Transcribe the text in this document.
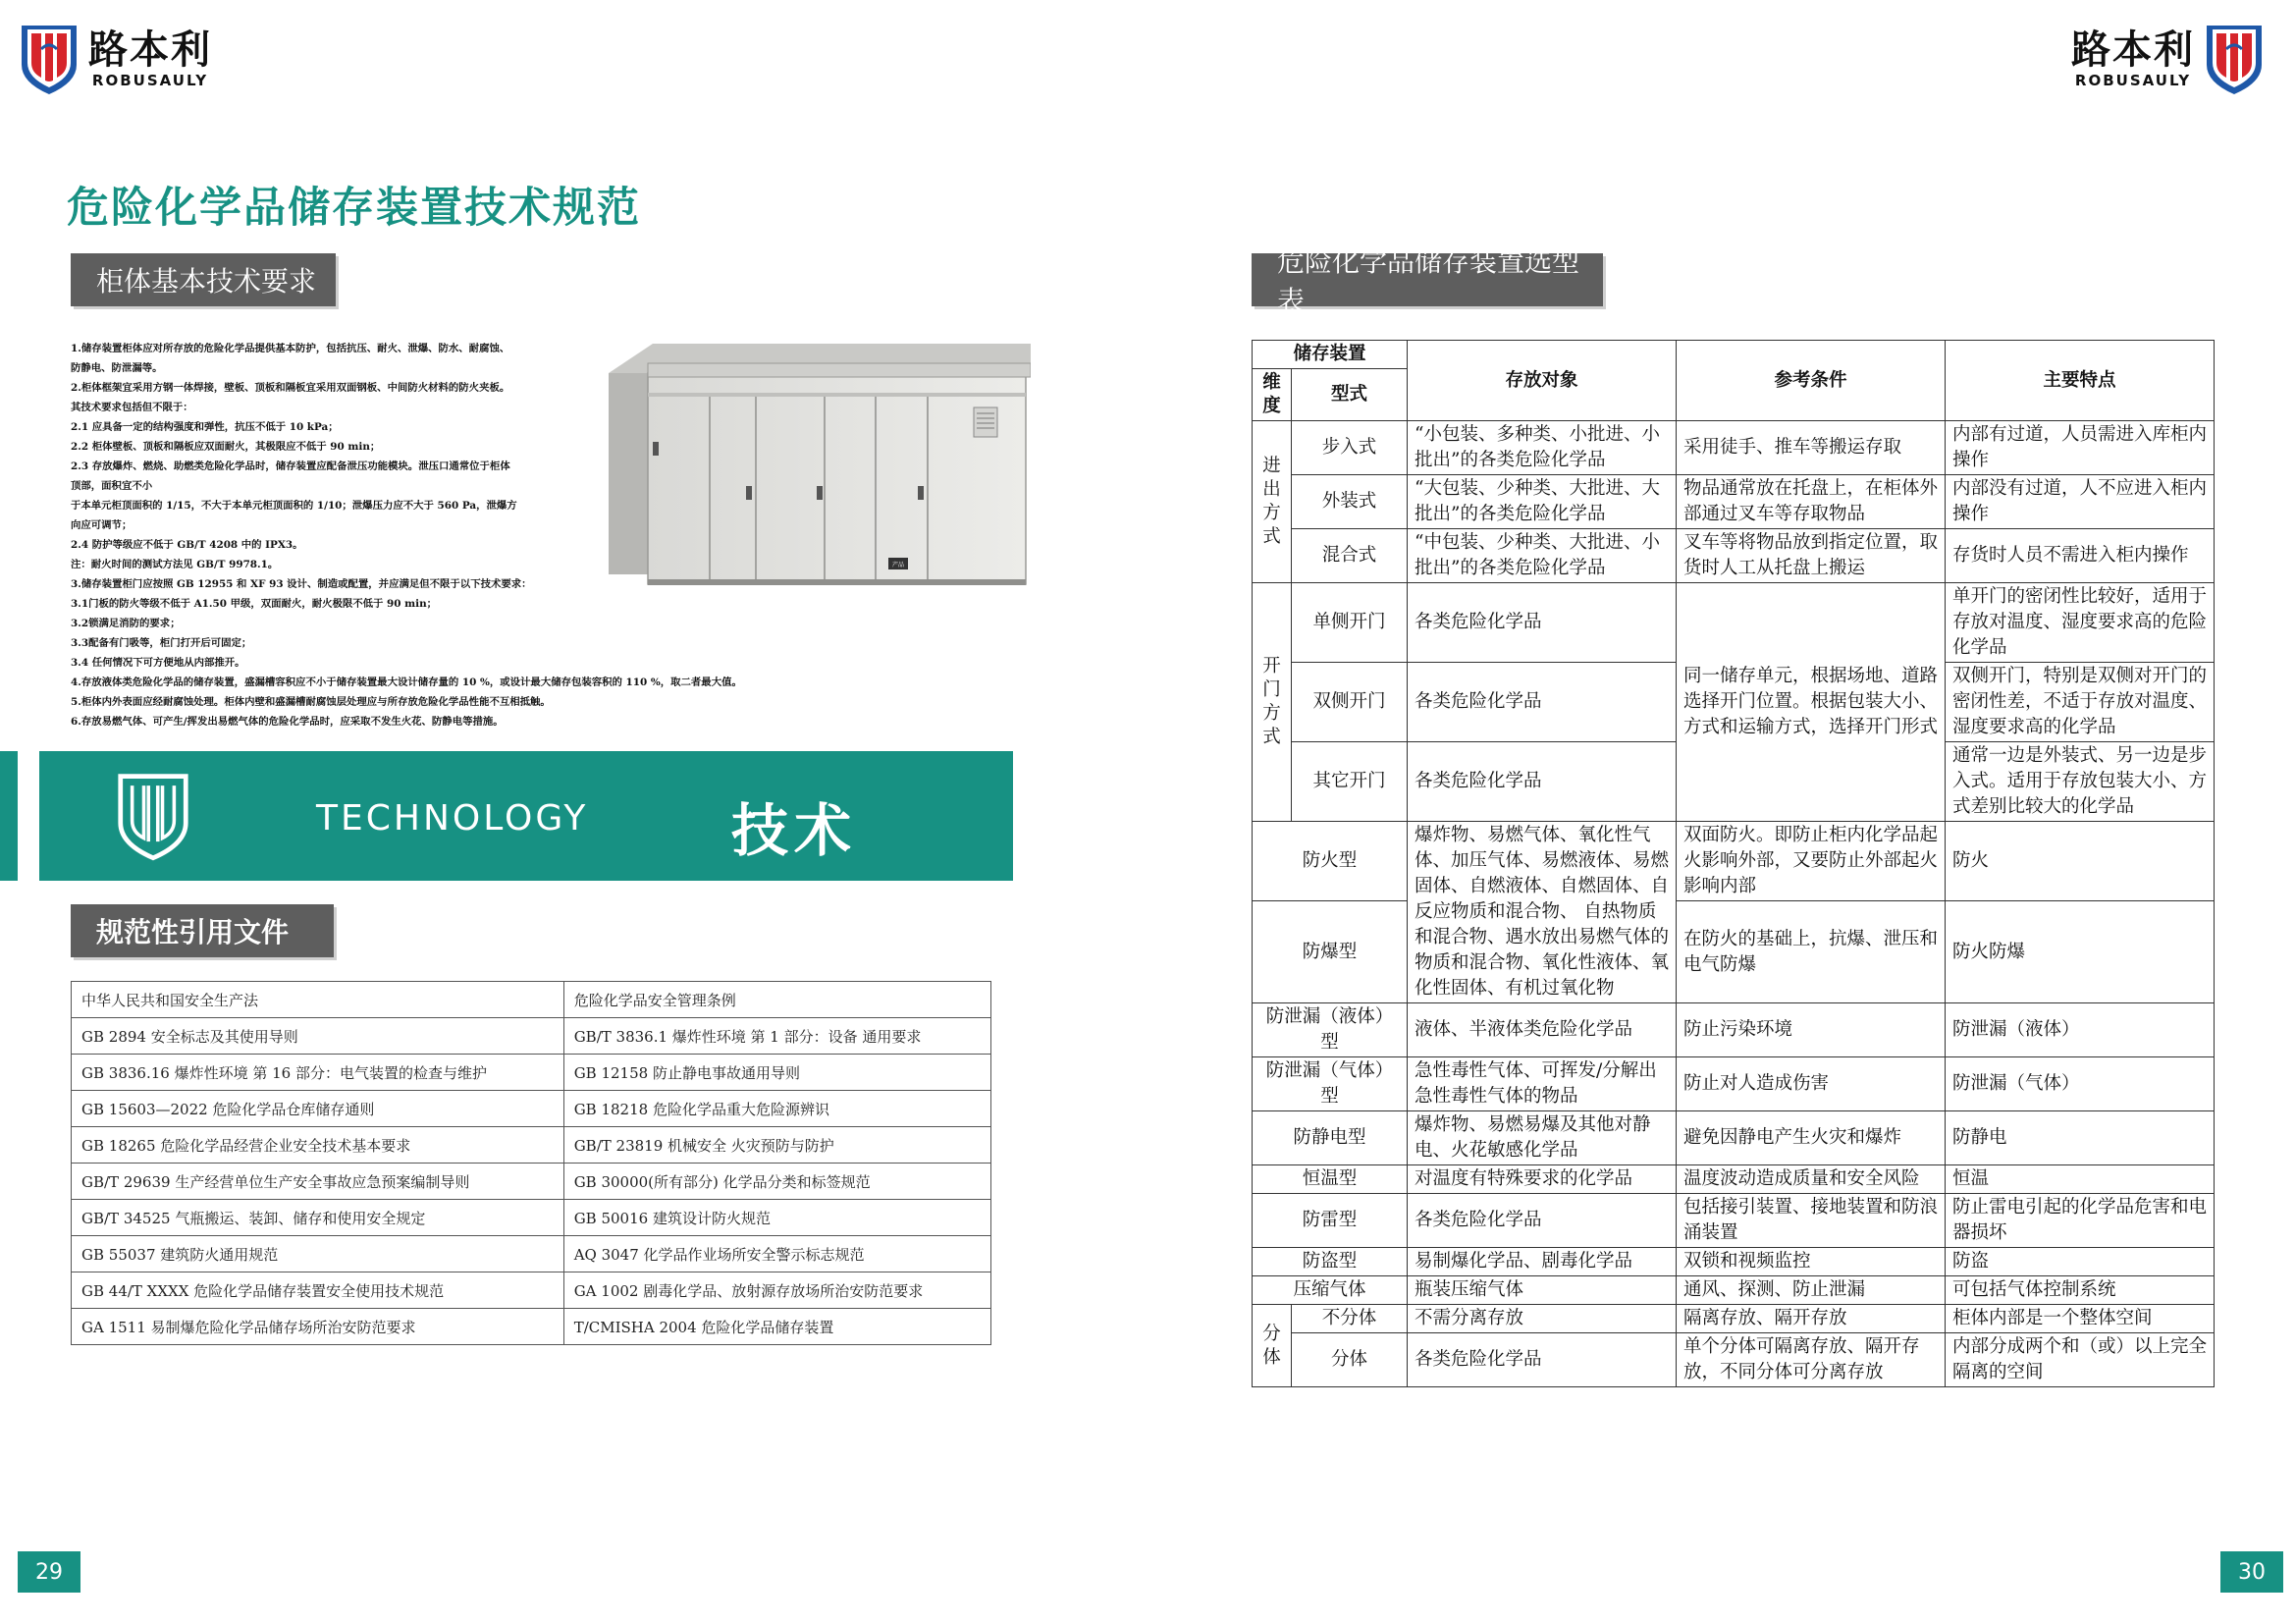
路本利
ROBUSAULY
路本利
ROBUSAULY
危险化学品储存装置技术规范
柜体基本技术要求
1.储存装置柜体应对所存放的危险化学品提供基本防护，包括抗压、耐火、泄爆、防水、耐腐蚀、
防静电、防泄漏等。
2.柜体框架宜采用方钢一体焊接，壁板、顶板和隔板宜采用双面钢板、中间防火材料的防火夹板。
其技术要求包括但不限于：
2.1 应具备一定的结构强度和弹性，抗压不低于 10 kPa；
2.2 柜体壁板、顶板和隔板应双面耐火，其极限应不低于 90 min；
2.3 存放爆炸、燃烧、助燃类危险化学品时，储存装置应配备泄压功能模块。泄压口通常位于柜体
顶部，面积宜不小
于本单元柜顶面积的 1/15，不大于本单元柜顶面积的 1/10；泄爆压力应不大于 560 Pa，泄爆方
向应可调节；
2.4 防护等级应不低于 GB/T 4208 中的 IPX3。
注：耐火时间的测试方法见 GB/T 9978.1。
3.储存装置柜门应按照 GB 12955 和 XF 93 设计、制造或配置，并应满足但不限于以下技术要求：
3.1门板的防火等级不低于 A1.50 甲级，双面耐火，耐火极限不低于 90 min；
3.2锁满足消防的要求；
3.3配备有门吸等，柜门打开后可固定；
3.4 任何情况下可方便地从内部推开。
4.存放液体类危险化学品的储存装置，盛漏槽容积应不小于储存装置最大设计储存量的 10 %，或设计最大储存包装容积的 110 %，取二者最大值。
5.柜体内外表面应经耐腐蚀处理。柜体内壁和盛漏槽耐腐蚀层处理应与所存放危险化学品性能不互相抵触。
6.存放易燃气体、可产生/挥发出易燃气体的危险化学品时，应采取不发生火花、防静电等措施。
产品
TECHNOLOGY	技术
规范性引用文件
中华人民共和国安全生产法	危险化学品安全管理条例
GB 2894 安全标志及其使用导则	GB/T 3836.1 爆炸性环境 第 1 部分：设备 通用要求
GB 3836.16 爆炸性环境 第 16 部分：电气装置的检查与维护	GB 12158 防止静电事故通用导则
GB 15603—2022 危险化学品仓库储存通则	GB 18218 危险化学品重大危险源辨识
GB 18265 危险化学品经营企业安全技术基本要求	GB/T 23819 机械安全 火灾预防与防护
GB/T 29639 生产经营单位生产安全事故应急预案编制导则	GB 30000(所有部分) 化学品分类和标签规范
GB/T 34525 气瓶搬运、装卸、储存和使用安全规定	GB 50016 建筑设计防火规范
GB 55037 建筑防火通用规范	AQ 3047 化学品作业场所安全警示标志规范
GB 44/T XXXX 危险化学品储存装置安全使用技术规范	GA 1002 剧毒化学品、放射源存放场所治安防范要求
GA 1511 易制爆危险化学品储存场所治安防范要求	T/CMISHA 2004 危险化学品储存装置
危险化学品储存装置选型表
储存装置		存放对象	参考条件	主要特点
维度	型式			
进出方式	步入式	“小包装、多种类、小批进、小批出”的各类危险化学品	采用徒手、推车等搬运存取	内部有过道，人员需进入库柜内操作
	外装式	“大包装、少种类、大批进、大批出”的各类危险化学品	物品通常放在托盘上，在柜体外部通过叉车等存取物品	内部没有过道，人不应进入柜内操作
	混合式	“中包装、少种类、大批进、小批出”的各类危险化学品	叉车等将物品放到指定位置，取货时人工从托盘上搬运	存货时人员不需进入柜内操作
开门方式	单侧开门	各类危险化学品	同一储存单元，根据场地、道路选择开门位置。根据包装大小、方式和运输方式，选择开门形式	单开门的密闭性比较好，适用于存放对温度、湿度要求高的危险化学品
	双侧开门	各类危险化学品		双侧开门，特别是双侧对开门的密闭性差，不适于存放对温度、湿度要求高的化学品
	其它开门	各类危险化学品		通常一边是外装式、另一边是步入式。适用于存放包装大小、方式差别比较大的化学品
防火型		爆炸物、易燃气体、氧化性气体、加压气体、易燃液体、易燃固体、自燃液体、自燃固体、自反应物质和混合物、 自热物质和混合物、遇水放出易燃气体的物质和混合物、氧化性液体、氧化性固体、有机过氧化物	双面防火。即防止柜内化学品起火影响外部，又要防止外部起火影响内部	防火
防爆型			在防火的基础上，抗爆、泄压和电气防爆	防火防爆
防泄漏（液体）型		液体、半液体类危险化学品	防止污染环境	防泄漏（液体）
防泄漏（气体）型		急性毒性气体、可挥发/分解出急性毒性气体的物品	防止对人造成伤害	防泄漏（气体）
防静电型		爆炸物、易燃易爆及其他对静电、火花敏感化学品	避免因静电产生火灾和爆炸	防静电
恒温型		对温度有特殊要求的化学品	温度波动造成质量和安全风险	恒温
防雷型		各类危险化学品	包括接引装置、接地装置和防浪涌装置	防止雷电引起的化学品危害和电器损坏
防盗型		易制爆化学品、剧毒化学品	双锁和视频监控	防盗
压缩气体		瓶装压缩气体	通风、探测、防止泄漏	可包括气体控制系统
分体	不分体	不需分离存放	隔离存放、隔开存放	柜体内部是一个整体空间
	分体	各类危险化学品	单个分体可隔离存放、隔开存放，不同分体可分离存放	内部分成两个和（或）以上完全隔离的空间
29	30
